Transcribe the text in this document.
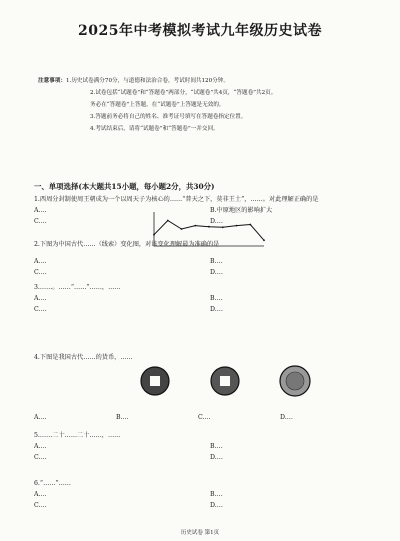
2025年中考模拟考试九年级历史试卷
注意事项：1.历史试卷满分70分，与道德和法治合卷，考试时间共120分钟。
2.试卷包括“试题卷”和“答题卷”两部分，“试题卷”共4页，“答题卷”共2页。
务必在“答题卷”上答题，在“试题卷”上答题是无效的。
3.答题前务必将自己的姓名、准考证号填写在答题卷指定位置。
4.考试结束后，请将“试题卷”和“答题卷”一并交回。
一、单项选择(本大题共15小题，每小题2分，共30分)
1.西周分封制使周王朝成为一个以周天子为核心的……“普天之下，莫非王土”，……。对此理解正确的是
A.…	B.中原地区的影响扩大
C.…	D.…
2.下图为中国古代……（线索）变化图，对该变化理解最为准确的是
A.…	B.…
C.…	D.…
3.……。……“……”……，……
A.…	B.…
C.…	D.…
4.下图是我国古代……的货币，……
A.…	B.…	C.…	D.…
5.……二十……二十……，……
A.…	B.…
C.…	D.…
6.“……”……
A.…	B.…
C.…	D.…
历史试卷 第1页
